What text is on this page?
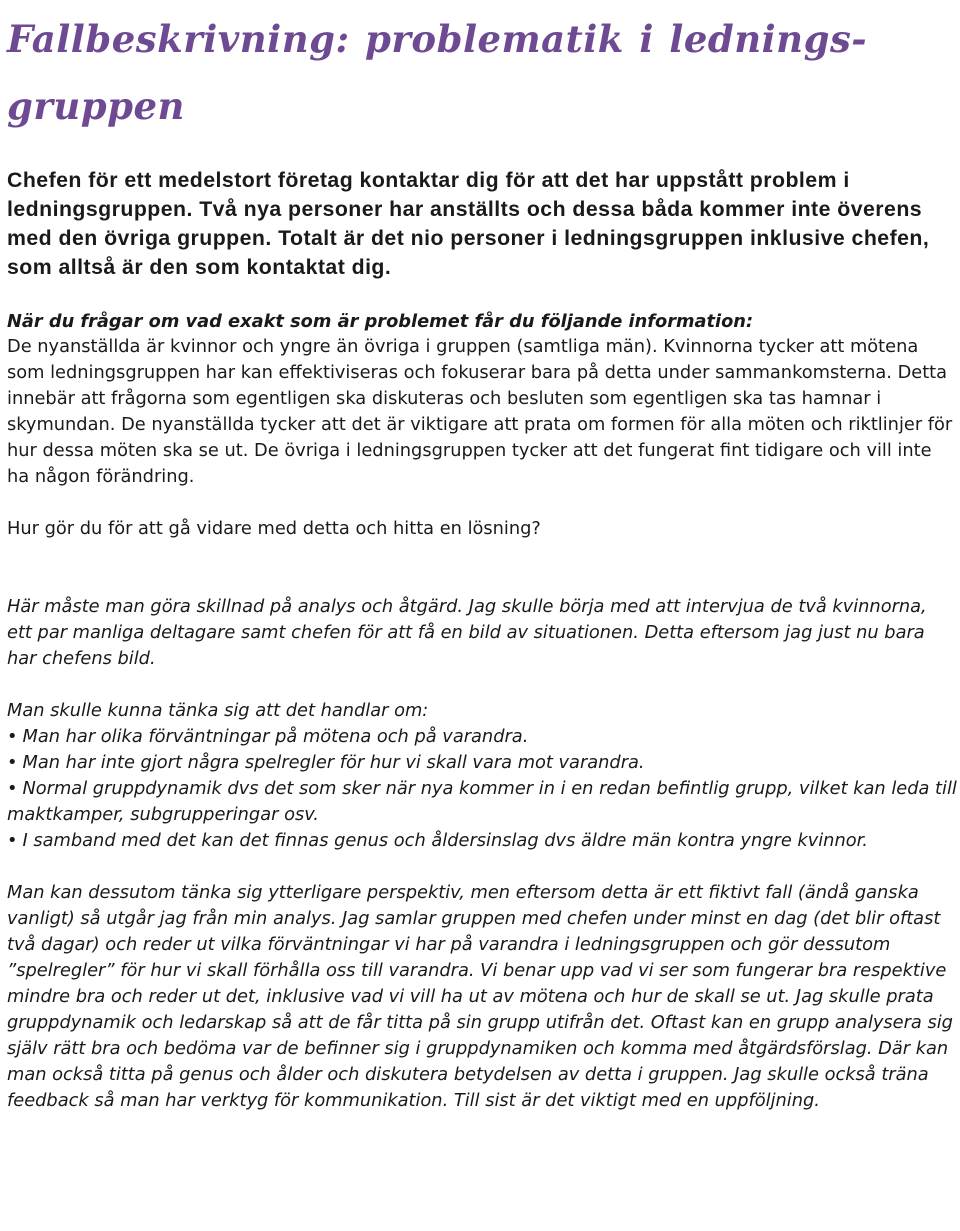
Fallbeskrivning: problematik i lednings-gruppen

Chefen för ett medelstort företag kontaktar dig för att det har uppstått problem i ledningsgruppen. Två nya personer har anställts och dessa båda kommer inte överens med den övriga gruppen. Totalt är det nio personer i ledningsgruppen inklusive chefen, som alltså är den som kontaktat dig.

När du frågar om vad exakt som är problemet får du följande information:

De nyanställda är kvinnor och yngre än övriga i gruppen (samtliga män). Kvinnorna tycker att mötena som ledningsgruppen har kan effektiviseras och fokuserar bara på detta under sammankomsterna. Detta innebär att frågorna som egentligen ska diskuteras och besluten som egentligen ska tas hamnar i skymundan. De nyanställda tycker att det är viktigare att prata om formen för alla möten och riktlinjer för hur dessa möten ska se ut. De övriga i ledningsgruppen tycker att det fungerat fint tidigare och vill inte ha någon förändring.

Hur gör du för att gå vidare med detta och hitta en lösning?

Här måste man göra skillnad på analys och åtgärd. Jag skulle börja med att intervjua de två kvinnorna, ett par manliga deltagare samt chefen för att få en bild av situationen. Detta eftersom jag just nu bara har chefens bild.

Man skulle kunna tänka sig att det handlar om:

• Man har olika förväntningar på mötena och på varandra.
• Man har inte gjort några spelregler för hur vi skall vara mot varandra.
• Normal gruppdynamik dvs det som sker när nya kommer in i en redan befintlig grupp, vilket kan leda till maktkamper, subgrupperingar osv.
• I samband med det kan det finnas genus och åldersinslag dvs äldre män kontra yngre kvinnor.

Man kan dessutom tänka sig ytterligare perspektiv, men eftersom detta är ett fiktivt fall (ändå ganska vanligt) så utgår jag från min analys. Jag samlar gruppen med chefen under minst en dag (det blir oftast två dagar) och reder ut vilka förväntningar vi har på varandra i ledningsgruppen och gör dessutom ”spelregler” för hur vi skall förhålla oss till varandra. Vi benar upp vad vi ser som fungerar bra respektive mindre bra och reder ut det, inklusive vad vi vill ha ut av mötena och hur de skall se ut. Jag skulle prata gruppdynamik och ledarskap så att de får titta på sin grupp utifrån det. Oftast kan en grupp analysera sig själv rätt bra och bedöma var de befinner sig i gruppdynamiken och komma med åtgärdsförslag. Där kan man också titta på genus och ålder och diskutera betydelsen av detta i gruppen. Jag skulle också träna feedback så man har verktyg för kommunikation. Till sist är det viktigt med en uppföljning.
